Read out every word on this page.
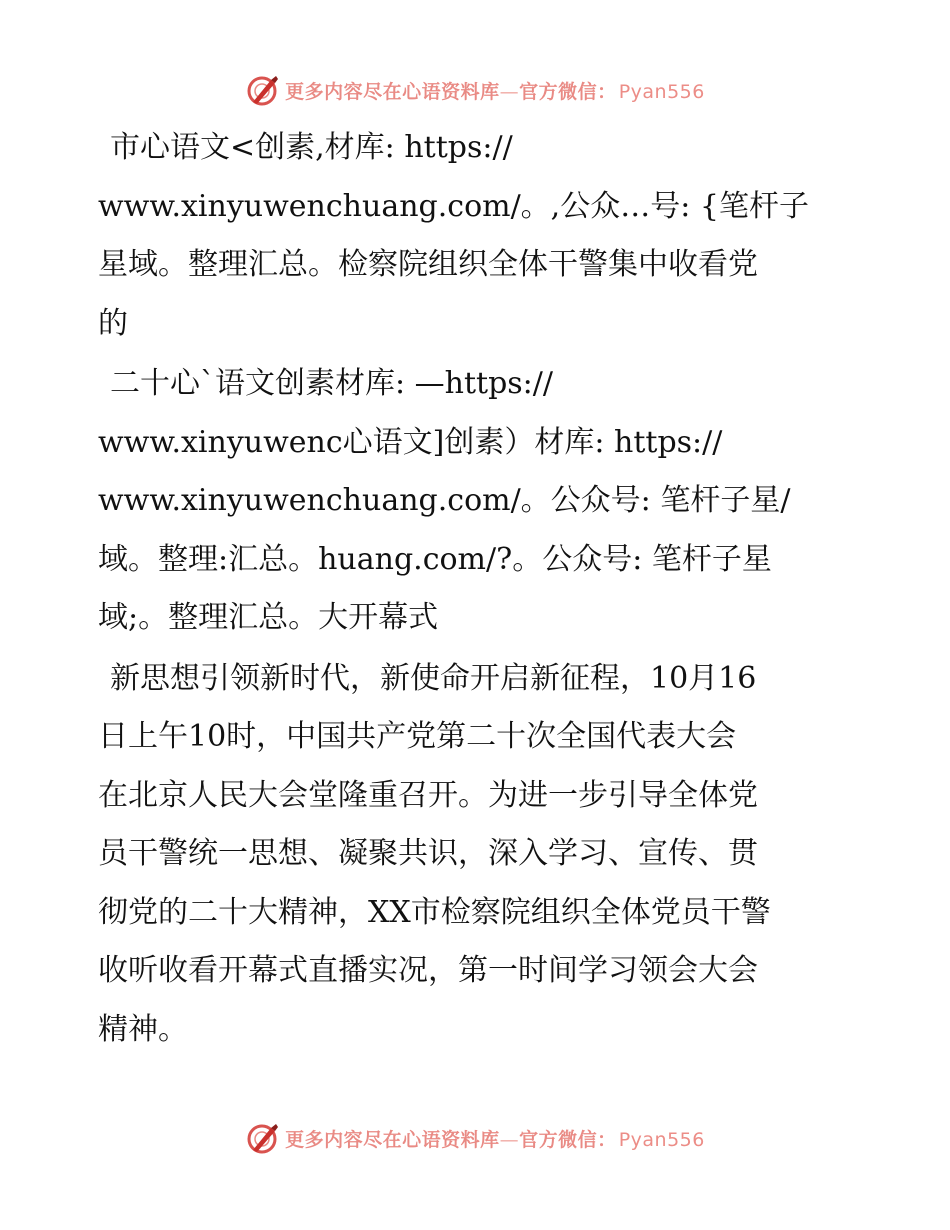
更多内容尽在心语资料库—官方微信： Pyan556

市心语文<创素,材库: https://
www.xinyuwenchuang.com/。,公众…号: {笔杆子
星域。整理汇总。检察院组织全体干警集中收看党
的

二十心`语文创素材库: —https://
www.xinyuwenc心语文]创素）材库: https://
www.xinyuwenchuang.com/。公众号: 笔杆子星/
域。整理:汇总。huang.com/?。公众号: 笔杆子星
域;。整理汇总。大开幕式

新思想引领新时代，新使命开启新征程，10月16
日上午10时，中国共产党第二十次全国代表大会
在北京人民大会堂隆重召开。为进一步引导全体党
员干警统一思想、凝聚共识，深入学习、宣传、贯
彻党的二十大精神，XX市检察院组织全体党员干警
收听收看开幕式直播实况，第一时间学习领会大会
精神。

更多内容尽在心语资料库—官方微信： Pyan556
